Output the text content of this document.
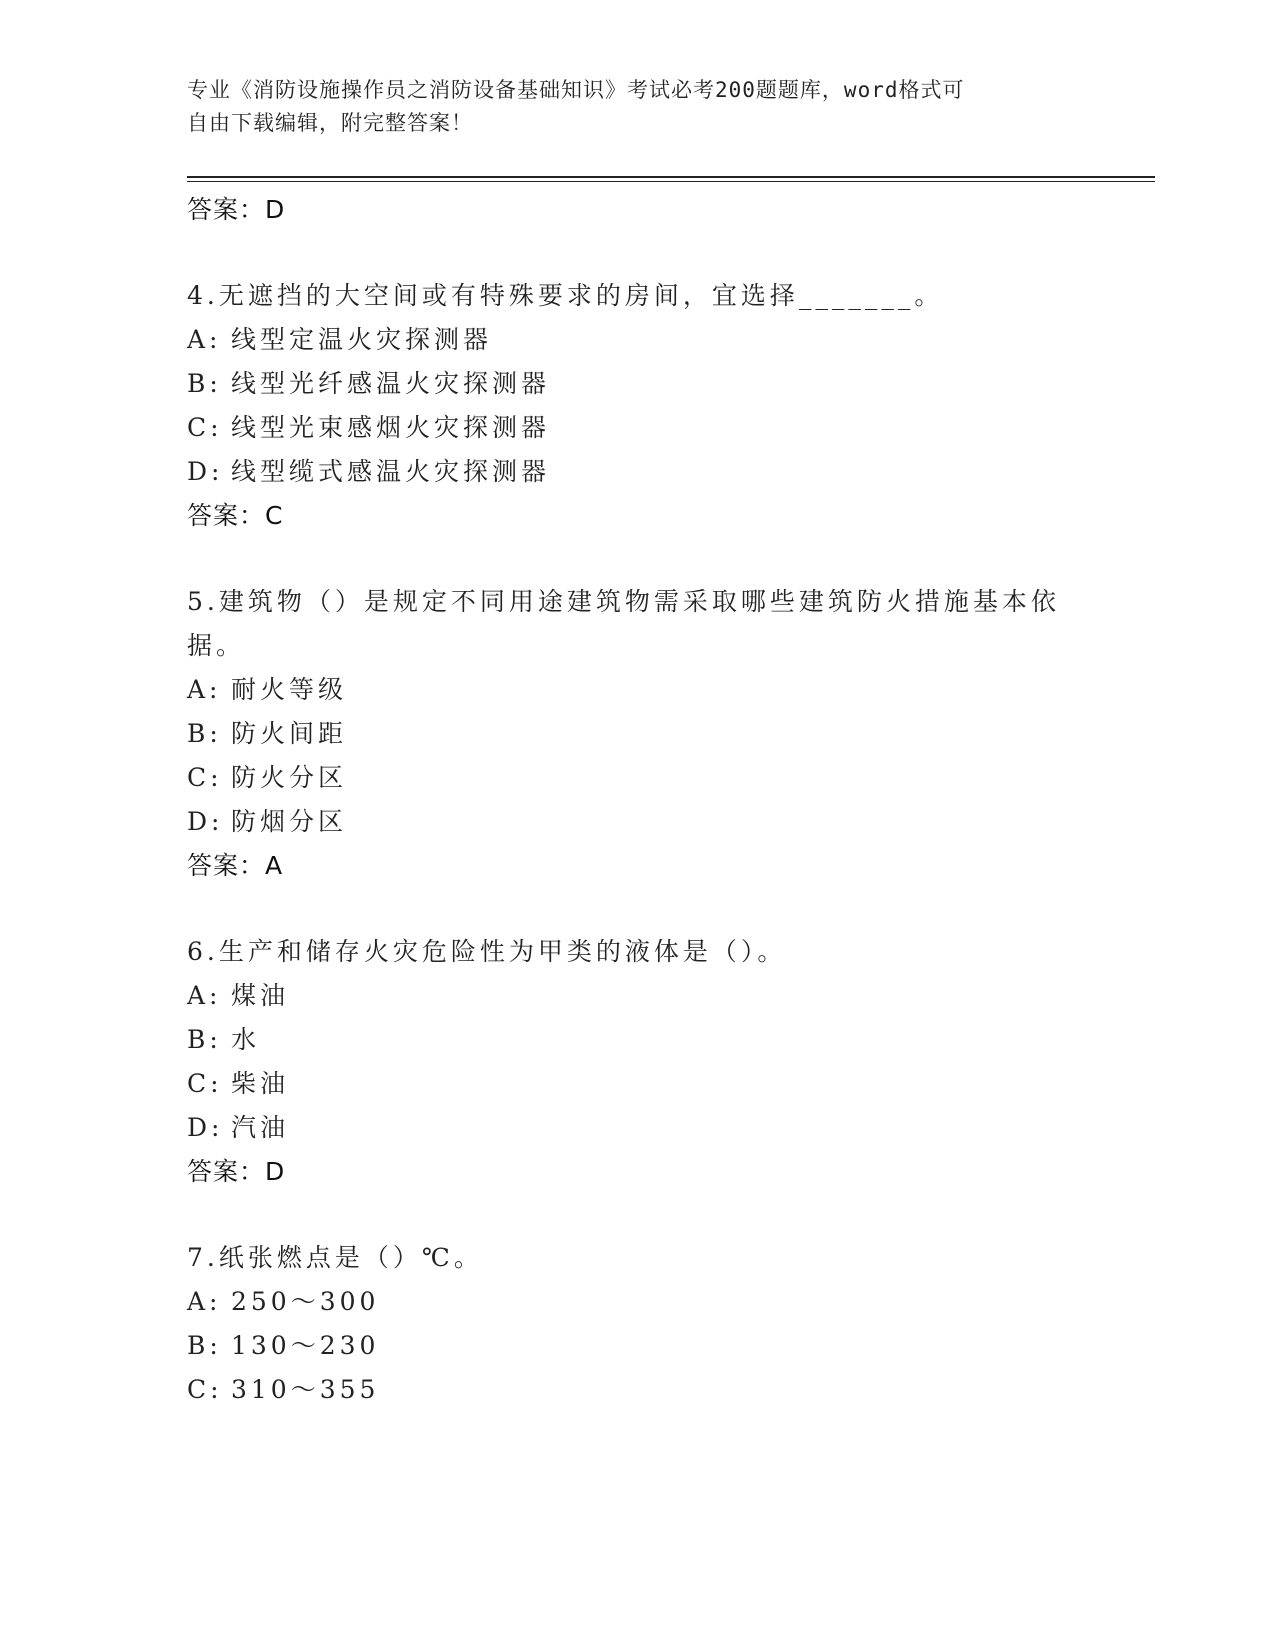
专业《消防设施操作员之消防设备基础知识》考试必考200题题库，word格式可
自由下载编辑，附完整答案！
答案：D
4.无遮挡的大空间或有特殊要求的房间，宜选择_______。
A: 线型定温火灾探测器
B: 线型光纤感温火灾探测器
C: 线型光束感烟火灾探测器
D: 线型缆式感温火灾探测器
答案：C
5.建筑物（）是规定不同用途建筑物需采取哪些建筑防火措施基本依
据。
A: 耐火等级
B: 防火间距
C: 防火分区
D: 防烟分区
答案：A
6.生产和储存火灾危险性为甲类的液体是（）。
A: 煤油
B: 水
C: 柴油
D: 汽油
答案：D
7.纸张燃点是（）℃。
A: 250～300
B: 130～230
C: 310～355
